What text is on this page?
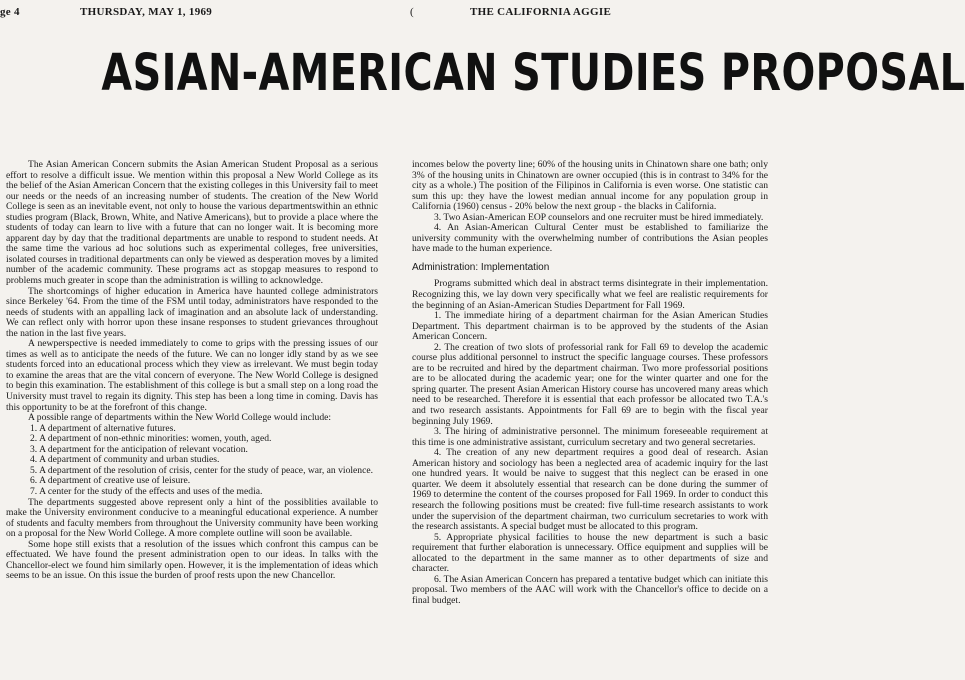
ge 4	THURSDAY, MAY 1, 1969	(	THE CALIFORNIA AGGIE
ASIAN-AMERICAN STUDIES PROPOSAL

The Asian American Concern submits the Asian American Student Proposal as a serious effort to resolve a difficult issue. We mention within this proposal a New World College as its the belief of the Asian American Concern that the existing colleges in this University fail to meet our needs or the needs of an increasing number of students. The creation of the New World College is seen as an inevitable event, not only to house the various departmentswithin an ethnic studies program (Black, Brown, White, and Native Americans), but to provide a place where the students of today can learn to live with a future that can no longer wait. It is becoming more apparent day by day that the traditional departments are unable to respond to student needs. At the same time the various ad hoc solutions such as experimental colleges, free universities, isolated courses in traditional departments can only be viewed as desperation moves by a limited number of the academic community. These programs act as stopgap measures to respond to problems much greater in scope than the administration is willing to acknowledge.

The shortcomings of higher education in America have haunted college administrators since Berkeley '64. From the time of the FSM until today, administrators have responded to the needs of students with an appalling lack of imagination and an absolute lack of understanding. We can reflect only with horror upon these insane responses to student grievances throughout the nation in the last five years.

A newperspective is needed immediately to come to grips with the pressing issues of our times as well as to anticipate the needs of the future. We can no longer idly stand by as we see students forced into an educational process which they view as irrelevant. We must begin today to examine the areas that are the vital concern of everyone. The New World College is designed to begin this examination. The establishment of this college is but a small step on a long road the University must travel to regain its dignity. This step has been a long time in coming. Davis has this opportunity to be at the forefront of this change.

A possible range of departments within the New World College would include:

1. A department of alternative futures.

2. A department of non-ethnic minorities: women, youth, aged.

3. A department for the anticipation of relevant vocation.

4. A department of community and urban studies.

5. A department of the resolution of crisis, center for the study of peace, war, an violence.

6. A department of creative use of leisure.

7. A center for the study of the effects and uses of the media.

The departments suggested above represent only a hint of the possiblities available to make the University environment conducive to a meaningful educational experience. A number of students and faculty members from throughout the University community have been working on a proposal for the New World College. A more complete outline will soon be available.

Some hope still exists that a resolution of the issues which confront this campus can be effectuated. We have found the present administration open to our ideas. In talks with the Chancellor-elect we found him similarly open. However, it is the implementation of ideas which seems to be an issue. On this issue the burden of proof rests upon the new Chancellor.

incomes below the poverty line; 60% of the housing units in Chinatown share one bath; only 3% of the housing units in Chinatown are owner occupied (this is in contrast to 34% for the city as a whole.) The position of the Filipinos in California is even worse. One statistic can sum this up: they have the lowest median annual income for any population group in California (1960) census - 20% below the next group - the blacks in California.

3. Two Asian-American EOP counselors and one recruiter must be hired immediately.

4. An Asian-American Cultural Center must be established to familiarize the university community with the overwhelming number of contributions the Asian peoples have made to the human experience.

Administration: Implementation

Programs submitted which deal in abstract terms disintegrate in their implementation. Recognizing this, we lay down very specifically what we feel are realistic requirements for the beginning of an Asian-American Studies Department for Fall 1969.

1. The immediate hiring of a department chairman for the Asian American Studies Department. This department chairman is to be approved by the students of the Asian American Concern.

2. The creation of two slots of professorial rank for Fall 69 to develop the academic course plus additional personnel to instruct the specific language courses. These professors are to be recruited and hired by the department chairman. Two more professorial positions are to be allocated during the academic year; one for the winter quarter and one for the spring quarter. The present Asian American History course has uncovered many areas which need to be researched. Therefore it is essential that each professor be allocated two T.A.'s and two research assistants. Appointments for Fall 69 are to begin with the fiscal year beginning July 1969.

3. The hiring of administrative personnel. The minimum foreseeable requirement at this time is one administrative assistant, curriculum secretary and two general secretaries.

4. The creation of any new department requires a good deal of research. Asian American history and sociology has been a neglected area of academic inquiry for the last one hundred years. It would be naive to suggest that this neglect can be erased in one quarter. We deem it absolutely essential that research can be done during the summer of 1969 to determine the content of the courses proposed for Fall 1969. In order to conduct this research the following positions must be created: five full-time research assistants to work under the supervision of the department chairman, two curriculum secretaries to work with the research assistants. A special budget must be allocated to this program.

5. Appropriate physical facilities to house the new department is such a basic requirement that further elaboration is unnecessary. Office equipment and supplies will be allocated to the department in the same manner as to other departments of size and character.

6. The Asian American Concern has prepared a tentative budget which can initiate this proposal. Two members of the AAC will work with the Chancellor's office to decide on a final budget.
